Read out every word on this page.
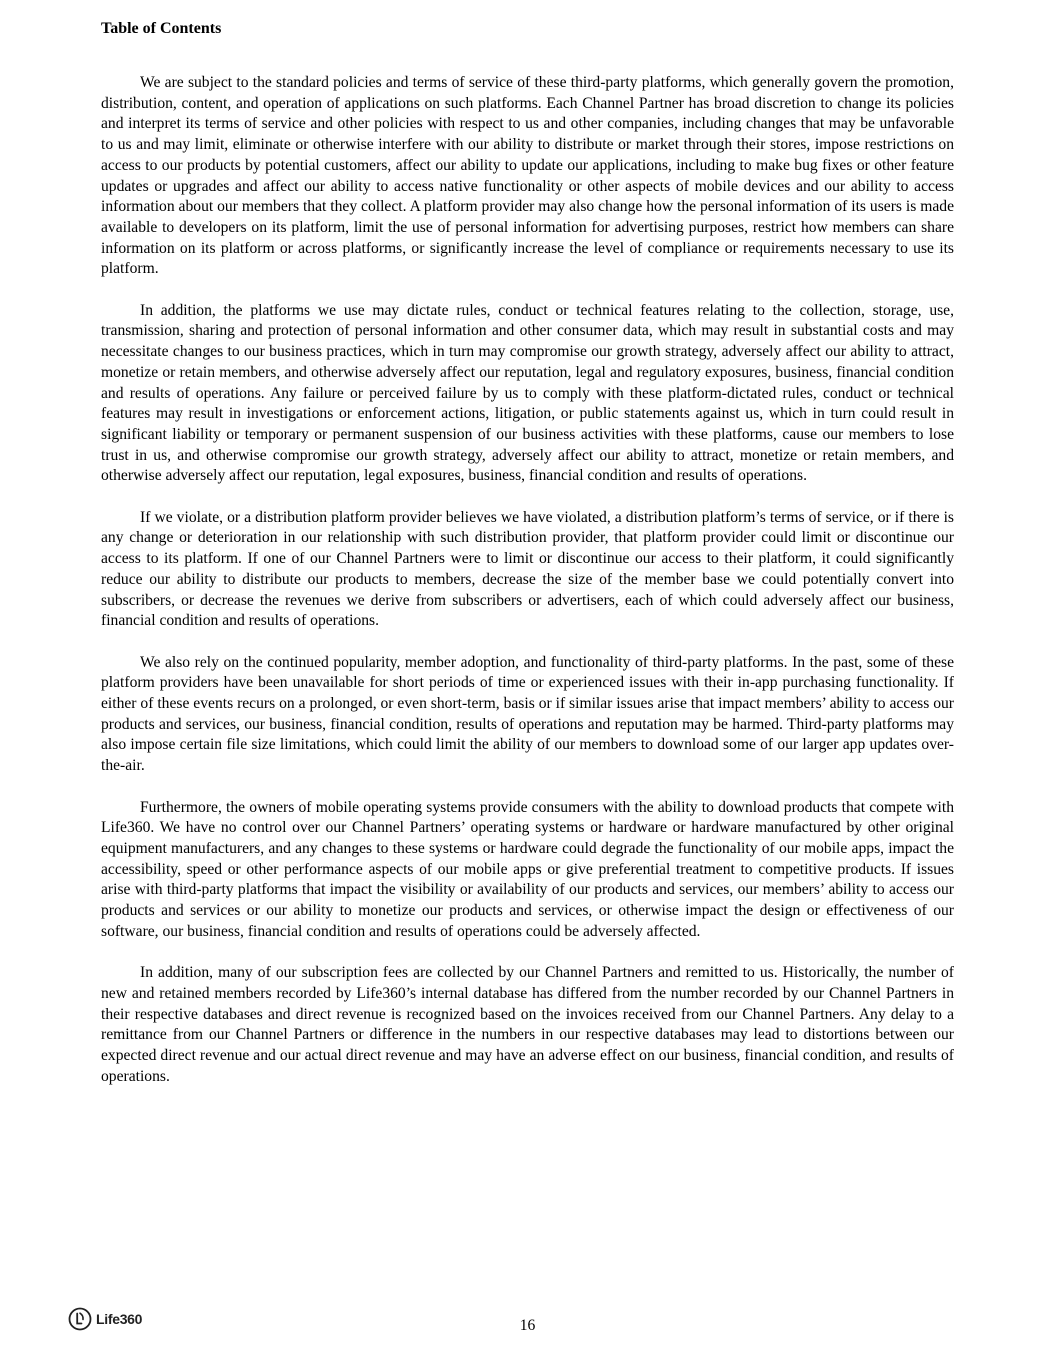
Table of Contents

We are subject to the standard policies and terms of service of these third-party platforms, which generally govern the promotion, distribution, content, and operation of applications on such platforms. Each Channel Partner has broad discretion to change its policies and interpret its terms of service and other policies with respect to us and other companies, including changes that may be unfavorable to us and may limit, eliminate or otherwise interfere with our ability to distribute or market through their stores, impose restrictions on access to our products by potential customers, affect our ability to update our applications, including to make bug fixes or other feature updates or upgrades and affect our ability to access native functionality or other aspects of mobile devices and our ability to access information about our members that they collect. A platform provider may also change how the personal information of its users is made available to developers on its platform, limit the use of personal information for advertising purposes, restrict how members can share information on its platform or across platforms, or significantly increase the level of compliance or requirements necessary to use its platform.

In addition, the platforms we use may dictate rules, conduct or technical features relating to the collection, storage, use, transmission, sharing and protection of personal information and other consumer data, which may result in substantial costs and may necessitate changes to our business practices, which in turn may compromise our growth strategy, adversely affect our ability to attract, monetize or retain members, and otherwise adversely affect our reputation, legal and regulatory exposures, business, financial condition and results of operations. Any failure or perceived failure by us to comply with these platform-dictated rules, conduct or technical features may result in investigations or enforcement actions, litigation, or public statements against us, which in turn could result in significant liability or temporary or permanent suspension of our business activities with these platforms, cause our members to lose trust in us, and otherwise compromise our growth strategy, adversely affect our ability to attract, monetize or retain members, and otherwise adversely affect our reputation, legal exposures, business, financial condition and results of operations.

If we violate, or a distribution platform provider believes we have violated, a distribution platform’s terms of service, or if there is any change or deterioration in our relationship with such distribution provider, that platform provider could limit or discontinue our access to its platform. If one of our Channel Partners were to limit or discontinue our access to their platform, it could significantly reduce our ability to distribute our products to members, decrease the size of the member base we could potentially convert into subscribers, or decrease the revenues we derive from subscribers or advertisers, each of which could adversely affect our business, financial condition and results of operations.

We also rely on the continued popularity, member adoption, and functionality of third-party platforms. In the past, some of these platform providers have been unavailable for short periods of time or experienced issues with their in-app purchasing functionality. If either of these events recurs on a prolonged, or even short-term, basis or if similar issues arise that impact members’ ability to access our products and services, our business, financial condition, results of operations and reputation may be harmed. Third-party platforms may also impose certain file size limitations, which could limit the ability of our members to download some of our larger app updates over-the-air.

Furthermore, the owners of mobile operating systems provide consumers with the ability to download products that compete with Life360. We have no control over our Channel Partners’ operating systems or hardware or hardware manufactured by other original equipment manufacturers, and any changes to these systems or hardware could degrade the functionality of our mobile apps, impact the accessibility, speed or other performance aspects of our mobile apps or give preferential treatment to competitive products. If issues arise with third-party platforms that impact the visibility or availability of our products and services, our members’ ability to access our products and services or our ability to monetize our products and services, or otherwise impact the design or effectiveness of our software, our business, financial condition and results of operations could be adversely affected.

In addition, many of our subscription fees are collected by our Channel Partners and remitted to us. Historically, the number of new and retained members recorded by Life360’s internal database has differed from the number recorded by our Channel Partners in their respective databases and direct revenue is recognized based on the invoices received from our Channel Partners. Any delay to a remittance from our Channel Partners or difference in the numbers in our respective databases may lead to distortions between our expected direct revenue and our actual direct revenue and may have an adverse effect on our business, financial condition, and results of operations.

Life360	16
